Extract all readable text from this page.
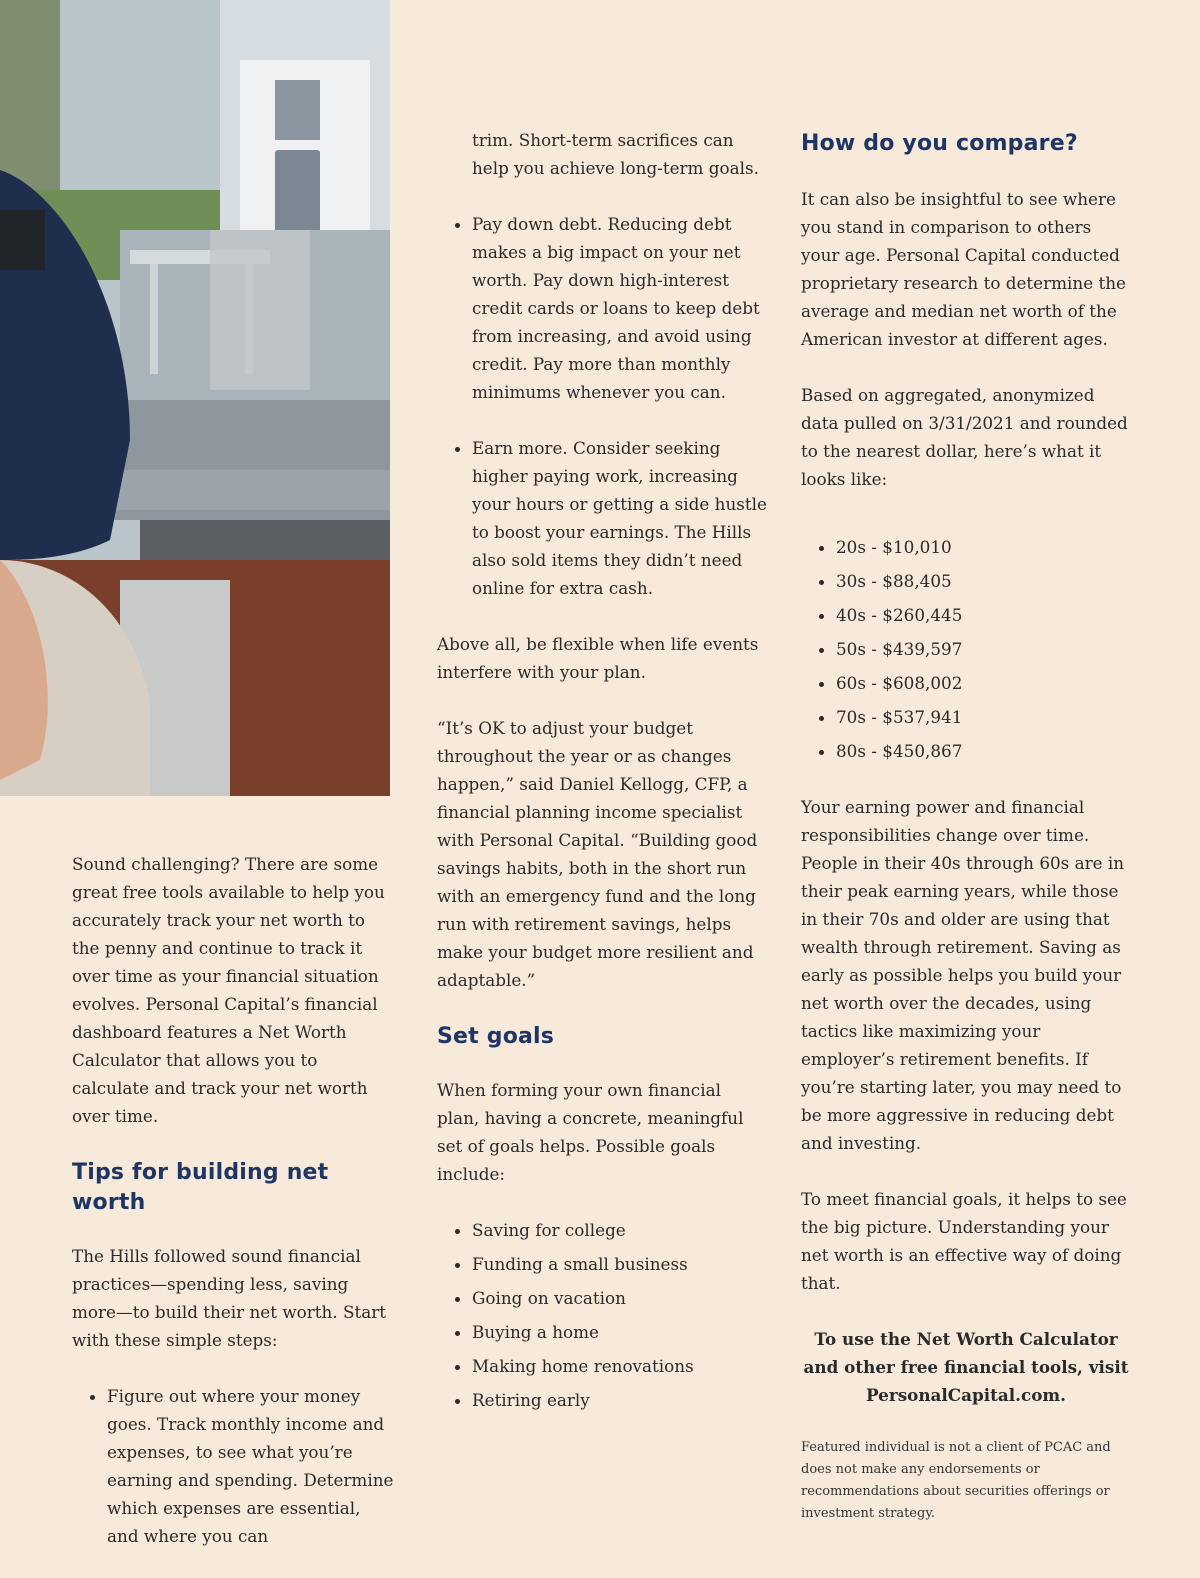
Sound challenging? There are some great free tools available to help you accurately track your net worth to the penny and continue to track it over time as your financial situation evolves. Personal Capital’s financial dashboard features a Net Worth Calculator that allows you to calculate and track your net worth over time.

Tips for building net worth

The Hills followed sound financial practices—spending less, saving more—to build their net worth. Start with these simple steps:

• Figure out where your money goes. Track monthly income and expenses, to see what you’re earning and spending. Determine which expenses are essential, and where you can

trim. Short-term sacrifices can help you achieve long-term goals.

• Pay down debt. Reducing debt makes a big impact on your net worth. Pay down high-interest credit cards or loans to keep debt from increasing, and avoid using credit. Pay more than monthly minimums whenever you can.
• Earn more. Consider seeking higher paying work, increasing your hours or getting a side hustle to boost your earnings. The Hills also sold items they didn’t need online for extra cash.

Above all, be flexible when life events interfere with your plan.

“It’s OK to adjust your budget throughout the year or as changes happen,” said Daniel Kellogg, CFP, a financial planning income specialist with Personal Capital. “Building good savings habits, both in the short run with an emergency fund and the long run with retirement savings, helps make your budget more resilient and adaptable.”

Set goals

When forming your own financial plan, having a concrete, meaningful set of goals helps. Possible goals include:

• Saving for college
• Funding a small business
• Going on vacation
• Buying a home
• Making home renovations
• Retiring early
How do you compare?

It can also be insightful to see where you stand in comparison to others your age. Personal Capital conducted proprietary research to determine the average and median net worth of the American investor at different ages.

Based on aggregated, anonymized data pulled on 3/31/2021 and rounded to the nearest dollar, here’s what it looks like:

• 20s - $10,010
• 30s - $88,405
• 40s - $260,445
• 50s - $439,597
• 60s - $608,002
• 70s - $537,941
• 80s - $450,867

Your earning power and financial responsibilities change over time. People in their 40s through 60s are in their peak earning years, while those in their 70s and older are using that wealth through retirement. Saving as early as possible helps you build your net worth over the decades, using tactics like maximizing your employer’s retirement benefits. If you’re starting later, you may need to be more aggressive in reducing debt and investing.

To meet financial goals, it helps to see the big picture. Understanding your net worth is an effective way of doing that.

To use the Net Worth Calculator and other free financial tools, visit PersonalCapital.com.

Featured individual is not a client of PCAC and does not make any endorsements or recommendations about securities offerings or investment strategy.
